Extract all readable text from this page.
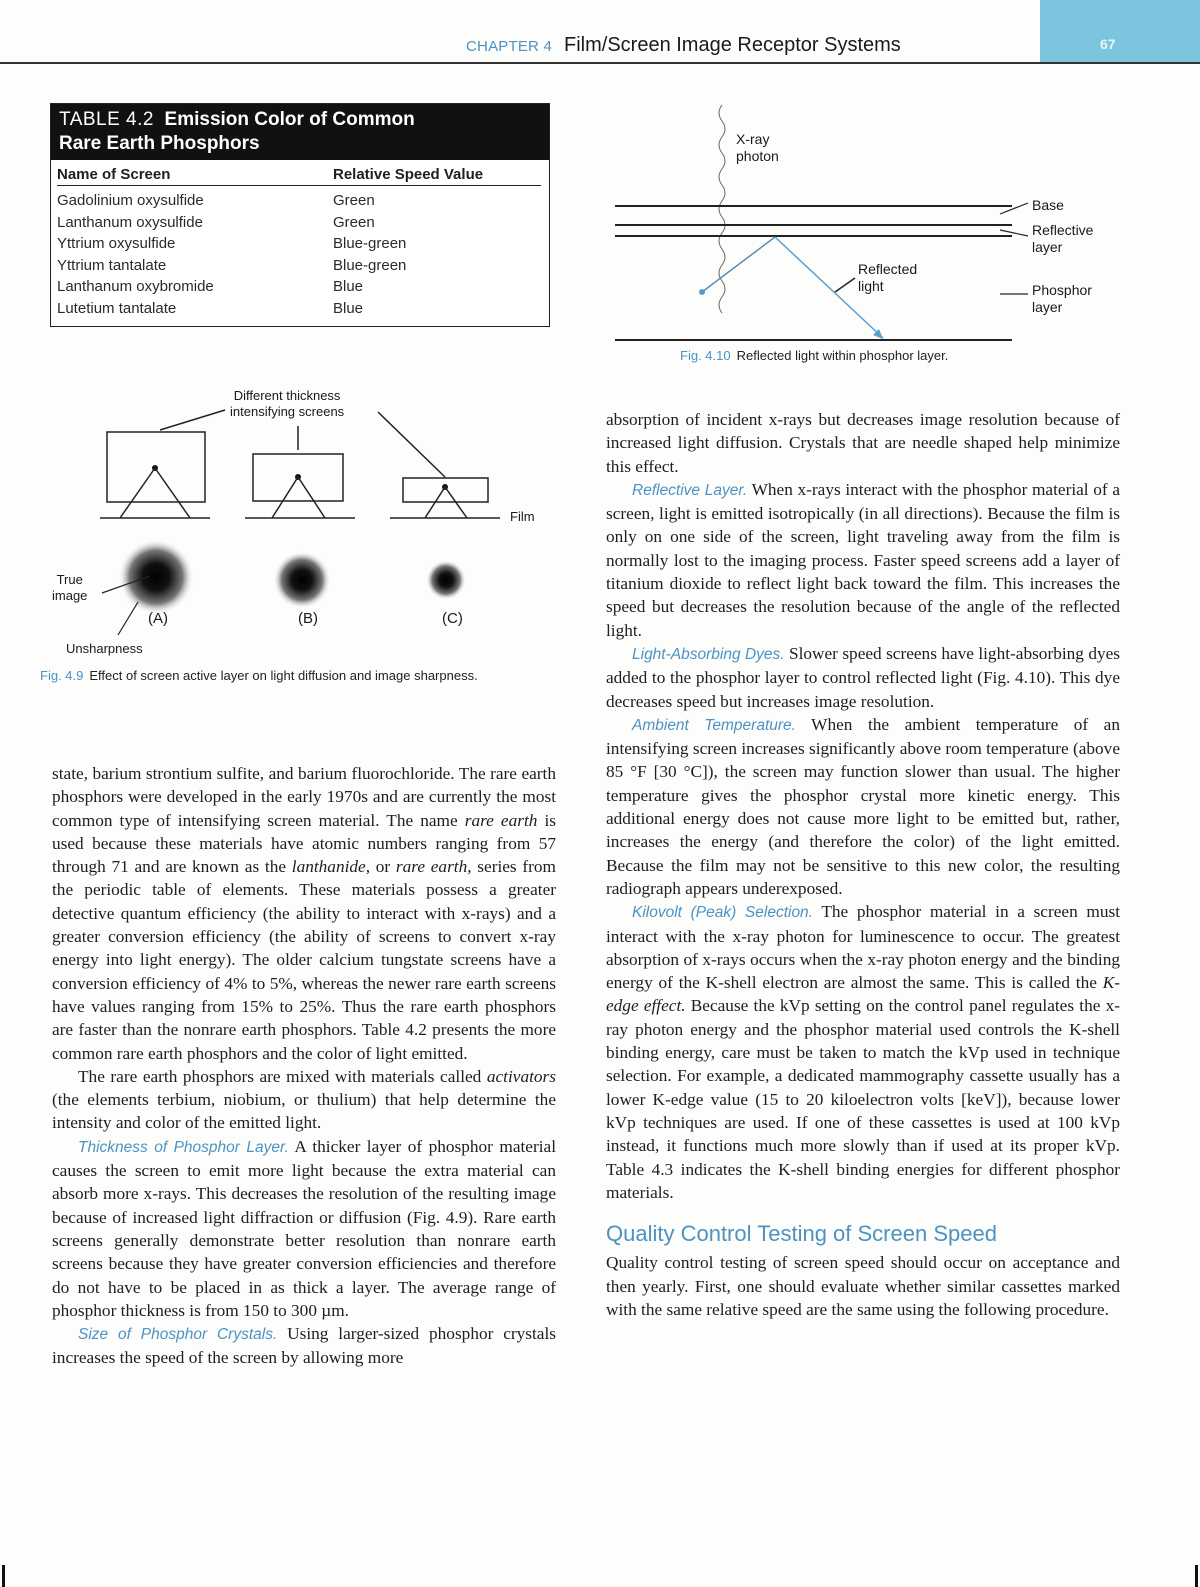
67
CHAPTER 4 Film/Screen Image Receptor Systems
TABLE 4.2 Emission Color of Common
Rare Earth Phosphors
Name of Screen	Relative Speed Value
Gadolinium oxysulfide	Green
Lanthanum oxysulfide	Green
Yttrium oxysulfide	Blue-green
Yttrium tantalate	Blue-green
Lanthanum oxybromide	Blue
Lutetium tantalate	Blue
X-ray
photon
Base
Reflective
layer
Reflected
light	Phosphor
layer
Fig. 4.10 Reflected light within phosphor layer.
Different thickness
intensifying screens
Film
True
image
(A)	(B)	(C)
Unsharpness
Fig. 4.9 Effect of screen active layer on light diffusion and image sharpness.

state, barium strontium sulfite, and barium fluorochloride. The rare earth phosphors were developed in the early 1970s and are currently the most common type of intensifying screen material. The name rare earth is used because these materials have atomic numbers ranging from 57 through 71 and are known as the lanthanide, or rare earth, series from the periodic table of elements. These materials possess a greater detective quantum efficiency (the ability to interact with x-rays) and a greater conversion efficiency (the ability of screens to convert x-ray energy into light energy). The older calcium tungstate screens have a conversion efficiency of 4% to 5%, whereas the newer rare earth screens have values ranging from 15% to 25%. Thus the rare earth phosphors are faster than the nonrare earth phosphors. Table 4.2 presents the more common rare earth phosphors and the color of light emitted.

The rare earth phosphors are mixed with materials called activators (the elements terbium, niobium, or thulium) that help determine the intensity and color of the emitted light.

Thickness of Phosphor Layer. A thicker layer of phosphor material causes the screen to emit more light because the extra material can absorb more x-rays. This decreases the resolution of the resulting image because of increased light diffraction or diffusion (Fig. 4.9). Rare earth screens generally demonstrate better resolution than nonrare earth screens because they have greater conversion efficiencies and therefore do not have to be placed in as thick a layer. The average range of phosphor thickness is from 150 to 300 µm.

Size of Phosphor Crystals. Using larger-sized phosphor crystals increases the speed of the screen by allowing more

absorption of incident x-rays but decreases image resolution because of increased light diffusion. Crystals that are needle shaped help minimize this effect.

Reflective Layer. When x-rays interact with the phosphor material of a screen, light is emitted isotropically (in all directions). Because the film is only on one side of the screen, light traveling away from the film is normally lost to the imaging process. Faster speed screens add a layer of titanium dioxide to reflect light back toward the film. This increases the speed but decreases the resolution because of the angle of the reflected light.

Light-Absorbing Dyes. Slower speed screens have light-absorbing dyes added to the phosphor layer to control reflected light (Fig. 4.10). This dye decreases speed but increases image resolution.

Ambient Temperature. When the ambient temperature of an intensifying screen increases significantly above room temperature (above 85 °F [30 °C]), the screen may function slower than usual. The higher temperature gives the phosphor crystal more kinetic energy. This additional energy does not cause more light to be emitted but, rather, increases the energy (and therefore the color) of the light emitted. Because the film may not be sensitive to this new color, the resulting radiograph appears underexposed.

Kilovolt (Peak) Selection. The phosphor material in a screen must interact with the x-ray photon for luminescence to occur. The greatest absorption of x-rays occurs when the x-ray photon energy and the binding energy of the K-shell electron are almost the same. This is called the K-edge effect. Because the kVp setting on the control panel regulates the x-ray photon energy and the phosphor material used controls the K-shell binding energy, care must be taken to match the kVp used in technique selection. For example, a dedicated mammography cassette usually has a lower K-edge value (15 to 20 kiloelectron volts [keV]), because lower kVp techniques are used. If one of these cassettes is used at 100 kVp instead, it functions much more slowly than if used at its proper kVp. Table 4.3 indicates the K-shell binding energies for different phosphor materials.

Quality Control Testing of Screen Speed

Quality control testing of screen speed should occur on acceptance and then yearly. First, one should evaluate whether similar cassettes marked with the same relative speed are the same using the following procedure.
